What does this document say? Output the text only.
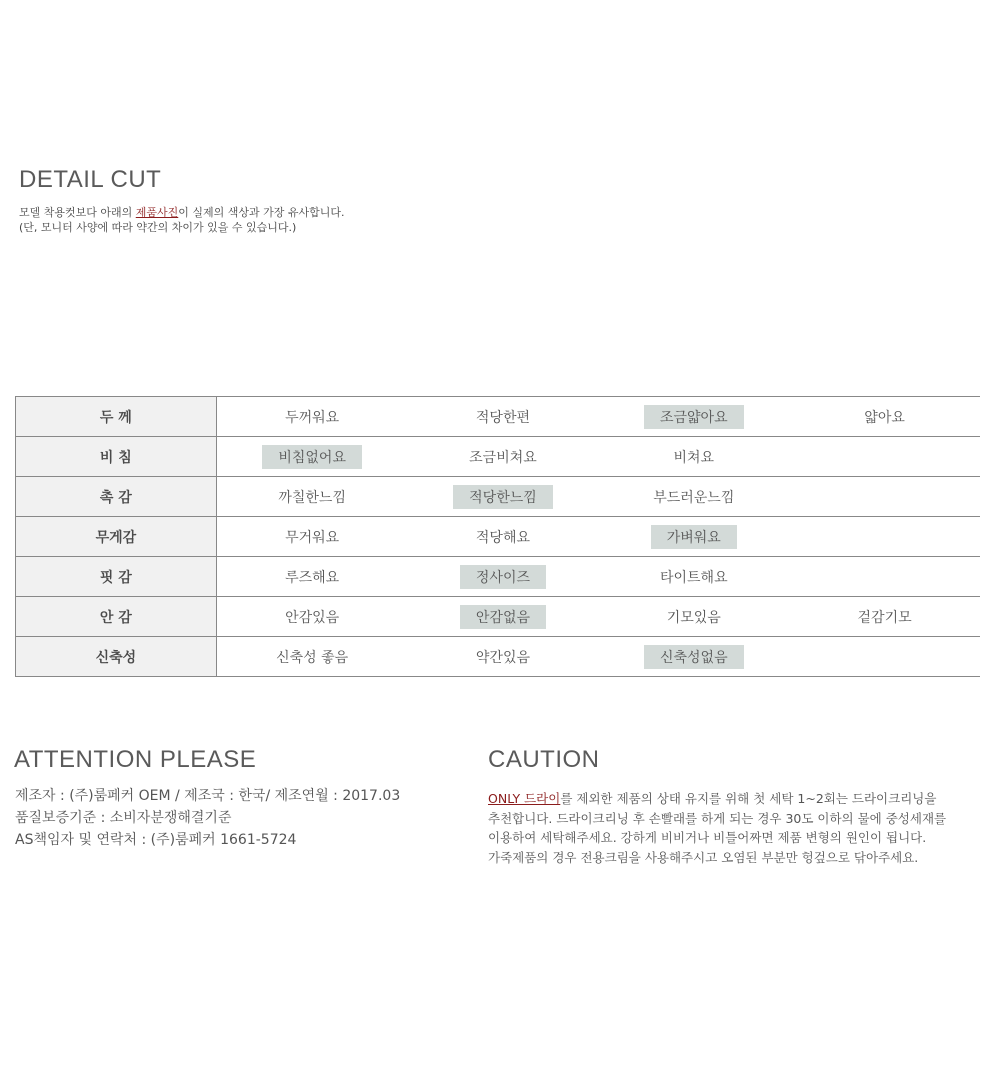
DETAIL CUT
모델 착용컷보다 아래의 제품사진이 실제의 색상과 가장 유사합니다.
(단, 모니터 사양에 따라 약간의 차이가 있을 수 있습니다.)
두 께	두꺼워요	적당한편	조금얇아요	얇아요
비 침	비침없어요	조금비쳐요	비쳐요	
촉 감	까칠한느낌	적당한느낌	부드러운느낌	
무게감	무거워요	적당해요	가벼워요	
핏 감	루즈해요	정사이즈	타이트해요	
안 감	안감있음	안감없음	기모있음	겉감기모
신축성	신축성 좋음	약간있음	신축성없음	
ATTENTION PLEASE
제조자 : (주)룸페커 OEM / 제조국 : 한국/ 제조연월 : 2017.03
품질보증기준 : 소비자분쟁해결기준
AS책임자 및 연락처 : (주)룸페커 1661-5724
CAUTION
ONLY 드라이를 제외한 제품의 상태 유지를 위해 첫 세탁 1~2회는 드라이크리닝을
추천합니다. 드라이크리닝 후 손빨래를 하게 되는 경우 30도 이하의 물에 중성세재를
이용하여 세탁해주세요. 강하게 비비거나 비틀어짜면 제품 변형의 원인이 됩니다.
가죽제품의 경우 전용크림을 사용해주시고 오염된 부분만 헝겊으로 닦아주세요.
